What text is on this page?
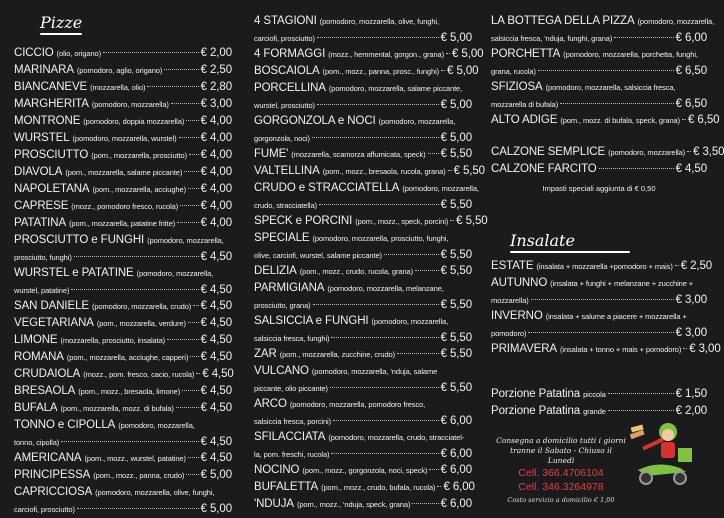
Pizze
CICCIO (olio, origano)	€ 2,00
MARINARA (pomodoro, aglio, origano)	€ 2,50
BIANCANEVE (mozzarella, olio)	€ 2,80
MARGHERITA (pomodoro, mozzarella)	€ 3,00
MONTRONE (pomodoro, doppia mozzarella) € 4,00
WURSTEL (pomodoro, mozzarella, wurstel) € 4,00
PROSCIUTTO (pom., mozzarella, prosciutto) € 4,00
DIAVOLA (pom., mozzarella, salame piccante) € 4,00
NAPOLETANA (pom., mozzarella, acciughe) € 4,00
CAPRESE (mozz., pomodoro fresco, rucola) € 4,00
PATATINA (pom., mozzarella, patatine fritte) € 4,00
PROSCIUTTO e FUNGHI (pomodoro, mozzarella,
prosciutto, funghi)	€ 4,50
WURSTEL e PATATINE (pomodoro, mozzarella,
wurstel, patatine)	€ 4,50
SAN DANIELE (pomodoro, mozzarella, crudo) € 4,50
VEGETARIANA (pom., mozzarella, verdure) € 4,50
LIMONE (mozzarella, prosciutto, insalata)	€ 4,50
ROMANA (pom., mozzarella, acciughe, capperi) € 4,50
CRUDAIOLA (mozz., pom. fresco, cacio, rucola) € 4,50
BRESAOLA (pom., mozz., bresaola, limone) € 4,50
BUFALA (pom., mozzarella, mozz. di bufala) € 4,50
TONNO e CIPOLLA (pomodoro, mozzarella,
tonno, cipolla)	€ 4,50
AMERICANA (pom., mozz., wurstel, patatine) € 4,50
PRINCIPESSA (pom., mozz., panna, crudo) € 5,00
CAPRICCIOSA (pomodoro, mozzarella, olive, funghi,
carciofi, prosciutto)	€ 5,00
4 STAGIONI (pomodoro, mozzarella, olive, funghi,
carciofi, prosciutto)	€ 5,00
4 FORMAGGI (mozz., hemmental, gorgon., grana) € 5,00
BOSCAIOLA (pom., mozz., panna, prosc., funghi) € 5,00
PORCELLINA (pomodoro, mozzarella, salame piccante,
wurstel, prosciutto)	€ 5,00
GORGONZOLA e NOCI (pomodoro, mozzarella,
gorgonzola, noci)	€ 5,00
FUME' (mozzarella, scamorza affumicata, speck) € 5,50
VALTELLINA (pom., mozz., bresaola, rucola, grana) € 5,50
CRUDO e STRACCIATELLA (pomodoro, mozzarella,
crudo, stracciatella)	€ 5,50
SPECK e PORCINI (pom., mozz., speck, porcini) € 5,50
SPECIALE (pomodoro, mozzarella, prosciutto, funghi,
olive, carciofi, wurstel, salame piccante)	€ 5,50
DELIZIA (pom., mozz., crudo, rucola, grana) € 5,50
PARMIGIANA (pomodoro, mozzarella, melanzane,
prosciutto, grana)	€ 5,50
SALSICCIA e FUNGHI (pomodoro, mozzarella,
salsiccia fresca, funghi)	€ 5,50
ZAR (pom., mozzarella, zucchine, crudo)	€ 5,50
VULCANO (pomodoro, mozzarella, 'nduja, salame
piccante, olio piccante)	€ 5,50
ARCO (pomodoro, mozzarella, pomodoro fresco,
salsiccia fresca, porcini)	€ 6,00
SFILACCIATA (pomodoro, mozzarella, crudo, stracciatel-
la, pom. freschi, rucola)	€ 6,00
NOCINO (pom., mozz., gorgonzola, noci, speck) € 6,00
BUFALETTA (pom., mozz., crudo, bufala, rucola) € 6,00
'NDUJA (pom., mozz., 'nduja, speck, grana)	€ 6,00
LA BOTTEGA DELLA PIZZA (pomodoro, mozzarella,
salsiccia fresca, 'nduja, funghi, grana)	€ 6,00
PORCHETTA (pomodoro, mozzarella, porchetta, funghi,
grana, rucola)	€ 6,50
SFIZIOSA (pomodoro, mozzarella, salsiccia fresca,
mozzarella di bufala)	€ 6,50
ALTO ADIGE (pom., mozz. di bufala, speck, grana) € 6,50
CALZONE SEMPLICE (pomodoro, mozzarella) € 3,50
CALZONE FARCITO	€ 4,50
Impasti speciali aggiunta di € 0,50
Insalate
ESTATE (insalata + mozzarella +pomodoro + mais) € 2,50
AUTUNNO (insalata + funghi + melanzane + zucchine +
mozzarella)	€ 3,00
INVERNO (insalata + salume a piacere + mozzarella +
pomodoro)	€ 3,00
PRIMAVERA (insalata + tonno + mais + pomodoro) € 3,00
Porzione Patatina piccola	€ 1,50
Porzione Patatina grande	€ 2,00
Consegna a domicilio tutti i giorni
tranne il Sabato - Chiuso il Lunedì
Cell. 366.4706104
Cell. 346.3264978
Costo servizio a domicilio € 1,00
